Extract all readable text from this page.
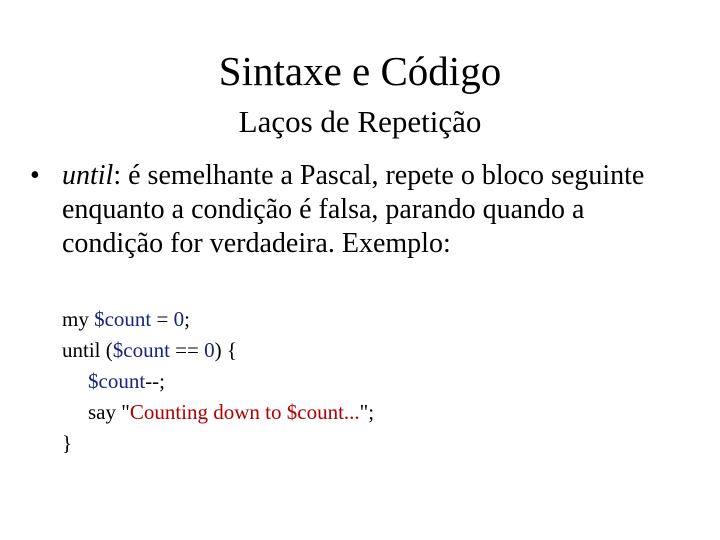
Sintaxe e Código
Laços de Repetição
• until: é semelhante a Pascal, repete o bloco seguinte enquanto a condição é falsa, parando quando a condição for verdadeira. Exemplo:
my $count = 0;
until ($count == 0) {
$count--;
say "Counting down to $count...";
}
